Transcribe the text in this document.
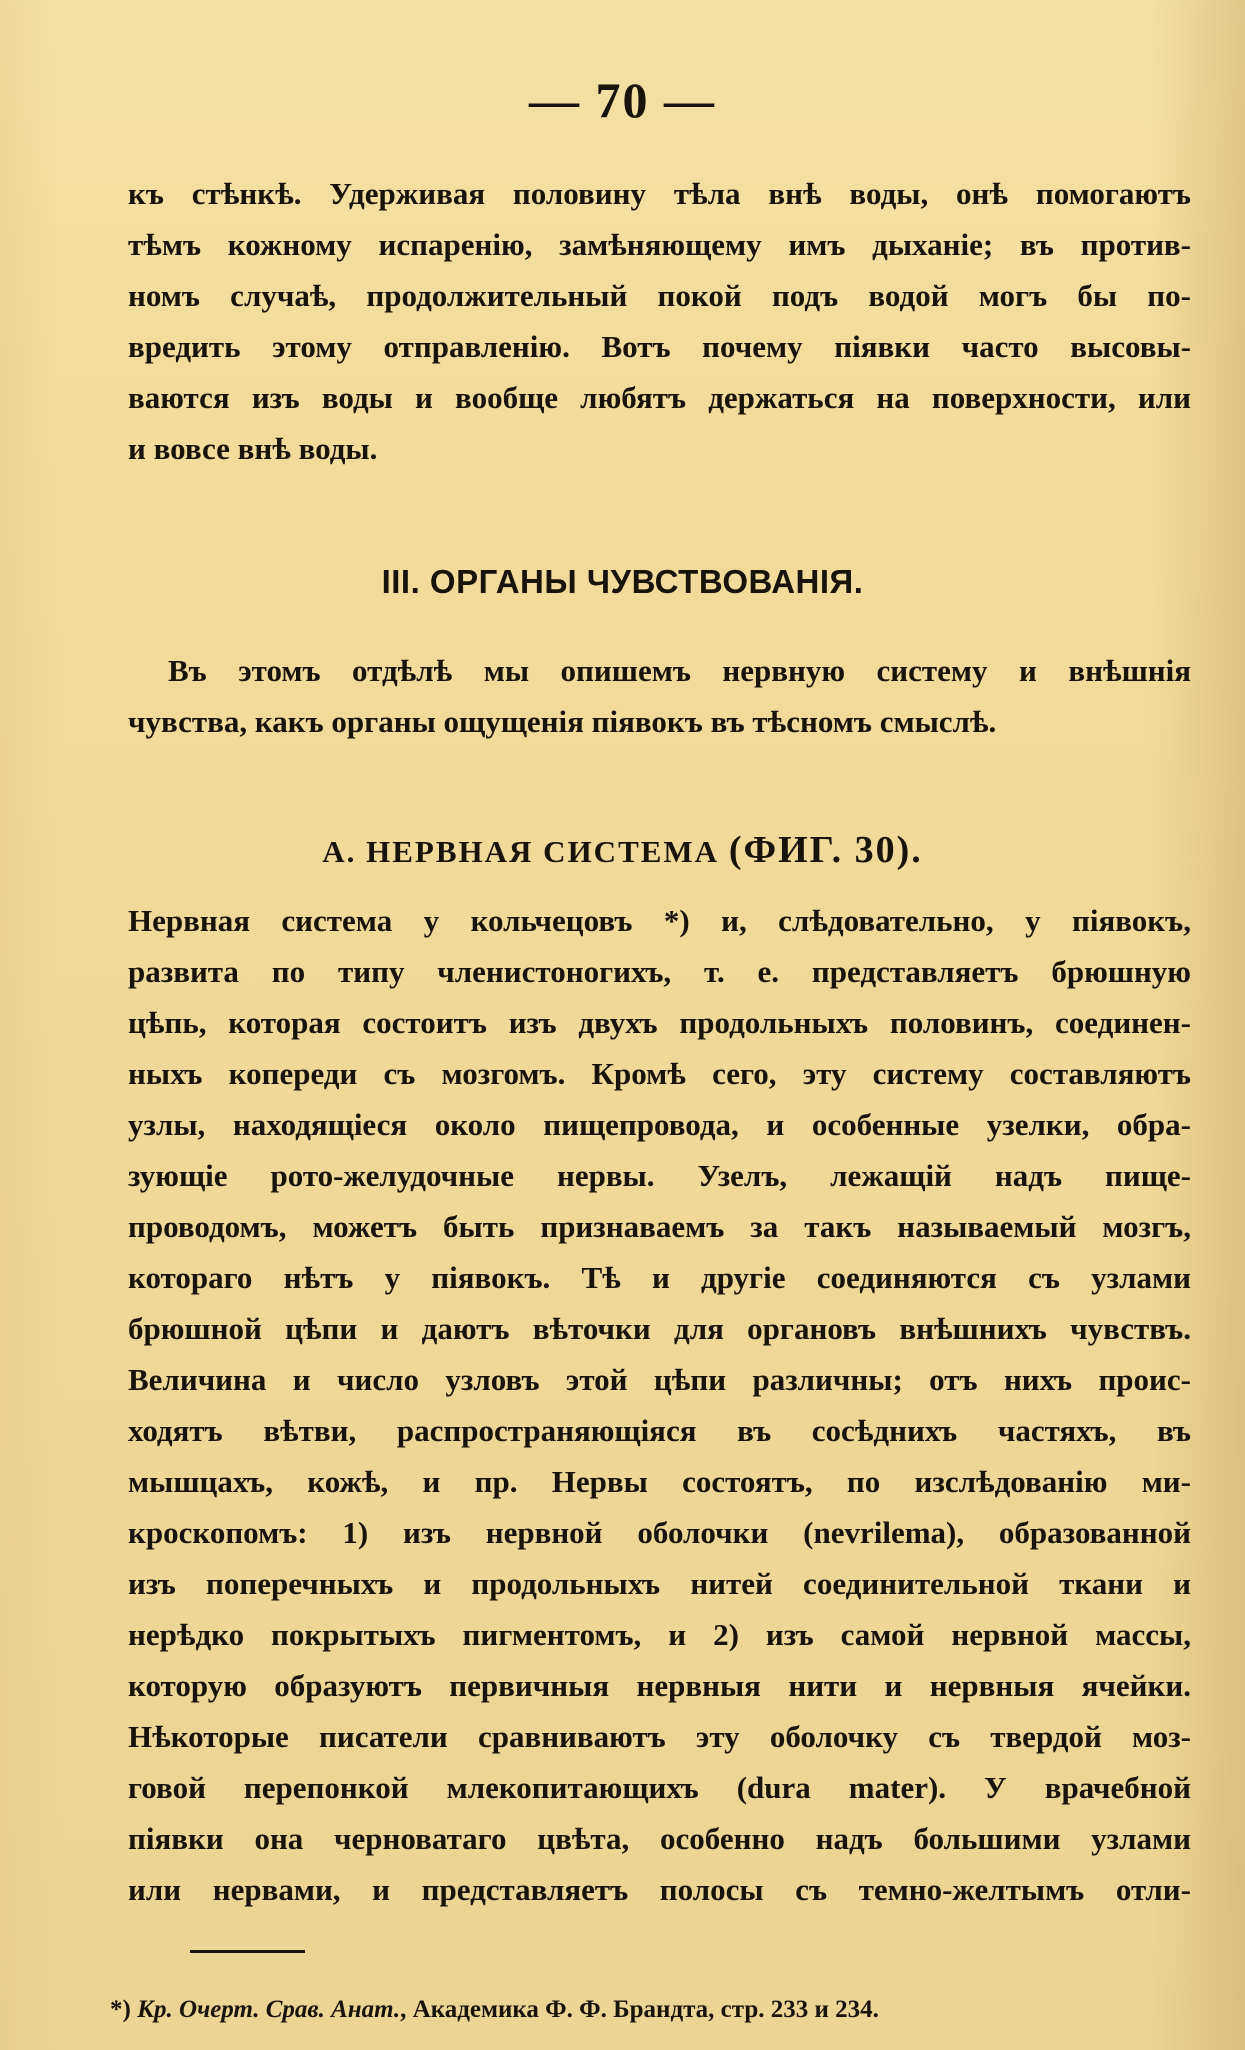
— 70 —
къ стѣнкѣ. Удерживая половину тѣла внѣ воды, онѣ помогаютъ
тѣмъ кожному испаренію, замѣняющему имъ дыханіе; въ против-
номъ случаѣ, продолжительный покой подъ водой могъ бы по-
вредить этому отправленію. Вотъ почему піявки часто высовы-
ваются изъ воды и вообще любятъ держаться на поверхности, или
и вовсе внѣ воды.
III. ОРГАНЫ ЧУВСТВОВАНІЯ.
Въ этомъ отдѣлѣ мы опишемъ нервную систему и внѣшнія
чувства, какъ органы ощущенія піявокъ въ тѣсномъ смыслѣ.
А. НЕРВНАЯ СИСТЕМА (ФИГ. 30).
Нервная система у кольчецовъ *) и, слѣдовательно, у піявокъ,
развита по типу членистоногихъ, т. е. представляетъ брюшную
цѣпь, которая состоитъ изъ двухъ продольныхъ половинъ, соединен-
ныхъ копереди съ мозгомъ. Кромѣ сего, эту систему составляютъ
узлы, находящіеся около пищепровода, и особенные узелки, обра-
зующіе рото-желудочные нервы. Узелъ, лежащій надъ пище-
проводомъ, можетъ быть признаваемъ за такъ называемый мозгъ,
котораго нѣтъ у піявокъ. Тѣ и другіе соединяются съ узлами
брюшной цѣпи и даютъ вѣточки для органовъ внѣшнихъ чувствъ.
Величина и число узловъ этой цѣпи различны; отъ нихъ проис-
ходятъ вѣтви, распространяющіяся въ сосѣднихъ частяхъ, въ
мышцахъ, кожѣ, и пр. Нервы состоятъ, по изслѣдованію ми-
кроскопомъ: 1) изъ нервной оболочки (nevrilema), образованной
изъ поперечныхъ и продольныхъ нитей соединительной ткани и
нерѣдко покрытыхъ пигментомъ, и 2) изъ самой нервной массы,
которую образуютъ первичныя нервныя нити и нервныя ячейки.
Нѣкоторые писатели сравниваютъ эту оболочку съ твердой моз-
говой перепонкой млекопитающихъ (dura mater). У врачебной
піявки она черноватаго цвѣта, особенно надъ большими узлами
или нервами, и представляетъ полосы съ темно-желтымъ отли-
*) Кр. Очерт. Срав. Анат., Академика Ф. Ф. Брандта, стр. 233 и 234.
